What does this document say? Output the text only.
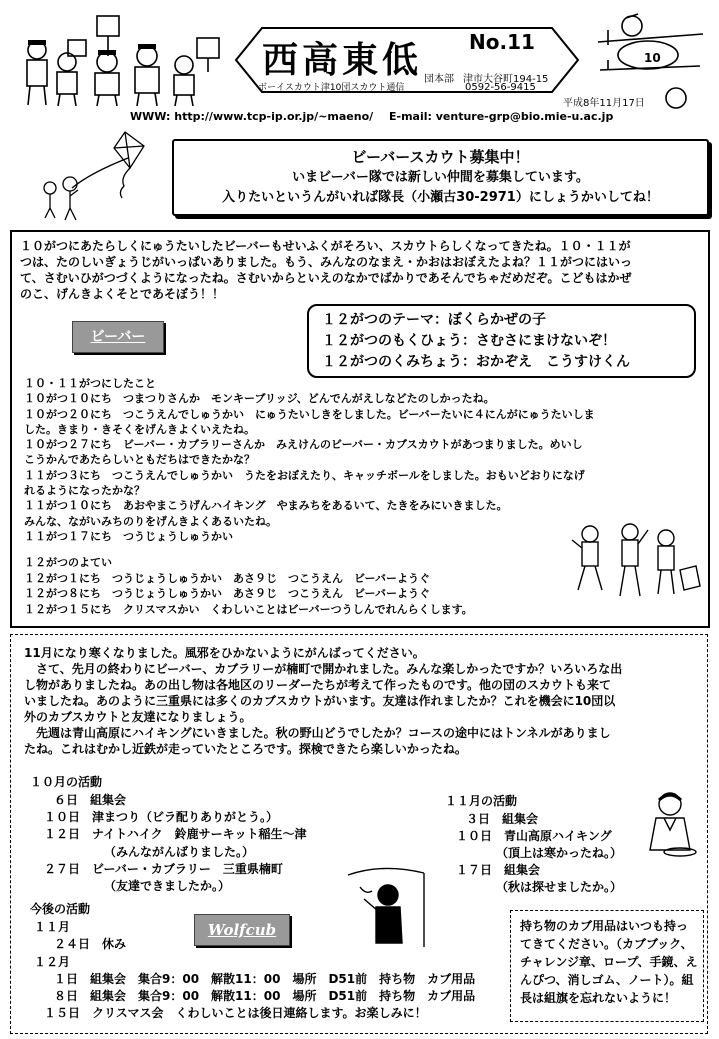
西高東低 No.11
団本部 津市大谷町194-15
0592-56-9415
ボーイスカウト津10団スカウト通信
10
平成8年11月17日
WWW: http://www.tcp-ip.or.jp/~maeno/ E-mail: venture-grp@bio.mie-u.ac.jp
ビーバースカウト募集中！
いまビーバー隊では新しい仲間を募集しています。
入りたいというんがいれば隊長（小瀬古30-2971）にしょうかいしてね！
１０がつにあたらしくにゅうたいしたビーバーもせいふくがそろい、スカウトらしくなってきたね。１０・１１が
つは、たのしいぎょうじがいっぱいありました。もう、みんなのなまえ・かおはおぼえたよね？１１がつにはいっ
て、さむいひがつづくようになったね。さむいからといえのなかでばかりであそんでちゃだめだぞ。こどもはかぜ
のこ、げんきよくそとであそぼう！！
ビーバー
１２がつのテーマ：ぼくらかぜの子
１２がつのもくひょう：さむさにまけないぞ！
１２がつのくみちょう：おかぞえ　こうすけくん
１０・１１がつにしたこと
１０がつ１０にち　つまつりさんか　モンキーブリッジ、どんでんがえしなどたのしかったね。
１０がつ２０にち　つこうえんでしゅうかい　にゅうたいしきをしました。ビーバーたいに４にんがにゅうたいしま
した。きまり・きそくをげんきよくいえたね。
１０がつ２７にち　ビーバー・カブラリーさんか　みえけんのビーバー・カブスカウトがあつまりました。めいし
こうかんであたらしいともだちはできたかな？
１１がつ３にち　つこうえんでしゅうかい　うたをおぼえたり、キャッチボールをしました。おもいどおりになげ
れるようになったかな？
１１がつ１０にち　あおやまこうげんハイキング　やまみちをあるいて、たきをみにいきました。
みんな、ながいみちのりをげんきよくあるいたね。
１１がつ１７にち　つうじょうしゅうかい
１２がつのよてい
１２がつ１にち　つうじょうしゅうかい　あさ９じ　つこうえん　ビーバーようぐ
１２がつ８にち　つうじょうしゅうかい　あさ９じ　つこうえん　ビーバーようぐ
１２がつ１５にち　クリスマスかい　くわしいことはビーバーつうしんでれんらくします。
11月になり寒くなりました。風邪をひかないようにがんばってください。
　さて、先月の終わりにビーバー、カブラリーが楠町で開かれました。みんな楽しかったですか？いろいろな出
し物がありましたね。あの出し物は各地区のリーダーたちが考えて作ったものです。他の団のスカウトも来て
いましたね。あのように三重県には多くのカブスカウトがいます。友達は作れましたか？これを機会に10団以
外のカブスカウトと友達になりましょう。
　先週は青山高原にハイキングにいきました。秋の野山どうでしたか？コースの途中にはトンネルがありまし
たね。これはむかし近鉄が走っていたところです。探検できたら楽しいかったね。
１０月の活動
６日　組集会
１０日　津まつり（ビラ配りありがとう。）
１２日　ナイトハイク　鈴鹿サーキット稲生～津
（みんながんばりました。）
２７日　ビーバー・カブラリー　三重県楠町
（友達できましたか。）
１１月の活動
３日　組集会
１０日　青山高原ハイキング
（頂上は寒かったね。）
１７日　組集会
（秋は探せましたか。）
今後の活動
１１月
２４日　休み
１２月
１日　組集会　集合9：00　解散11：00　場所　D51前　持ち物　カブ用品
８日　組集会　集合9：00　解散11：00　場所　D51前　持ち物　カブ用品
１５日　クリスマス会　くわしいことは後日連絡します。お楽しみに！
Wolfcub	持ち物のカブ用品はいつも持ってきてください。（カブブック、チャレンジ章、ロープ、手鏡、えんぴつ、消しゴム、ノート）。組長は組旗を忘れないように！
